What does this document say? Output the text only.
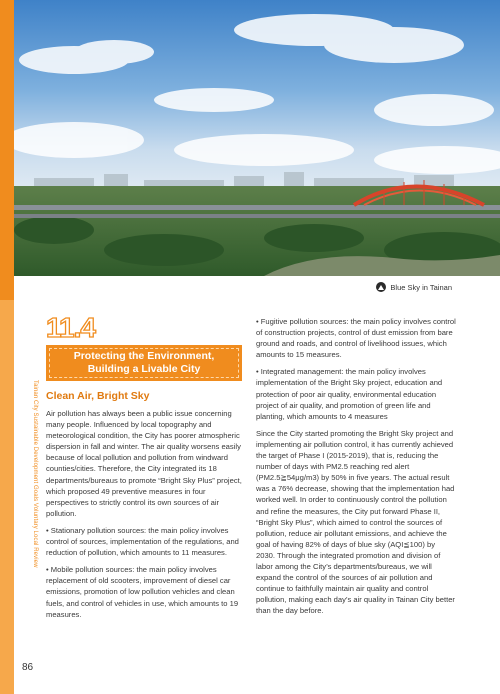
Blue Sky in Tainan
Tainan City Sustainable Development Goals Voluntary Local Review
11.4
Protecting the Environment,
Building a Livable City
Clean Air, Bright Sky

Air pollution has always been a public issue concerning many people. Influenced by local topography and meteorological condition, the City has poorer atmospheric dispersion in fall and winter. The air quality worsens easily because of local pollution and pollution from windward counties/cities. Therefore, the City integrated its 18 departments/bureaus to promote “Bright Sky Plus” project, which proposed 49 preventive measures in four perspectives to strictly control its own sources of air pollution.

• Stationary pollution sources: the main policy involves control of sources, implementation of the regulations, and reduction of pollution, which amounts to 11 measures.

• Mobile pollution sources: the main policy involves replacement of old scooters, improvement of diesel car emissions, promotion of low pollution vehicles and clean fuels, and control of vehicles in use, which amounts to 19 measures.

• Fugitive pollution sources: the main policy involves control of construction projects, control of dust emission from bare ground and roads, and control of livelihood issues, which amounts to 15 measures.

• Integrated management: the main policy involves implementation of the Bright Sky project, education and protection of poor air quality, environmental education project of air quality, and promotion of green life and planting, which amounts to 4 measures

Since the City started promoting the Bright Sky project and implementing air pollution control, it has currently achieved the target of Phase I (2015-2019), that is, reducing the number of days with PM2.5 reaching red alert (PM2.5≧54μg/m3) by 50% in five years. The actual result was a 76% decrease, showing that the implementation had worked well. In order to continuously control the pollution and refine the measures, the City put forward Phase II, “Bright Sky Plus”, which aimed to control the sources of pollution, reduce air pollutant emissions, and achieve the goal of having 82% of days of blue sky (AQI≦100) by 2030. Through the integrated promotion and division of labor among the City’s departments/bureaus, we will expand the control of the sources of air pollution and continue to faithfully maintain air quality and control pollution, making each day’s air quality in Tainan City better than the day before.

86
